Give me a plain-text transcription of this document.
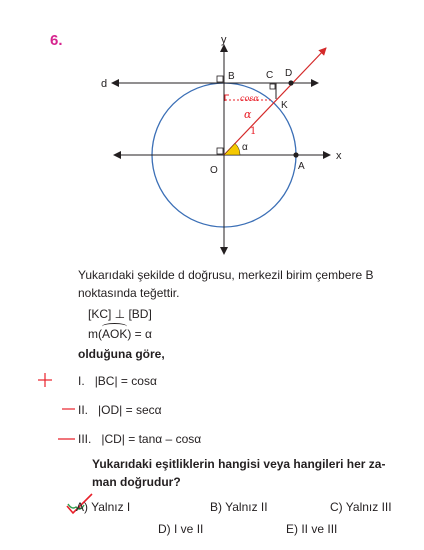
6.
cosα
α
1
y
x
d
B	C D
K
O	A
α
Yukarıdaki şekilde d doğrusu, merkezil birim çembere B
noktasında teğettir.
[KC] ⊥ [BD]
m(AOK) = α
olduğuna göre,
I. |BC| = cosα
II. |OD| = secα
III. |CD| = tanα – cosα
Yukarıdaki eşitliklerin hangisi veya hangileri her za-
man doğrudur?
A) Yalnız I	B) Yalnız II	C) Yalnız III
D) I ve II	E) II ve III
